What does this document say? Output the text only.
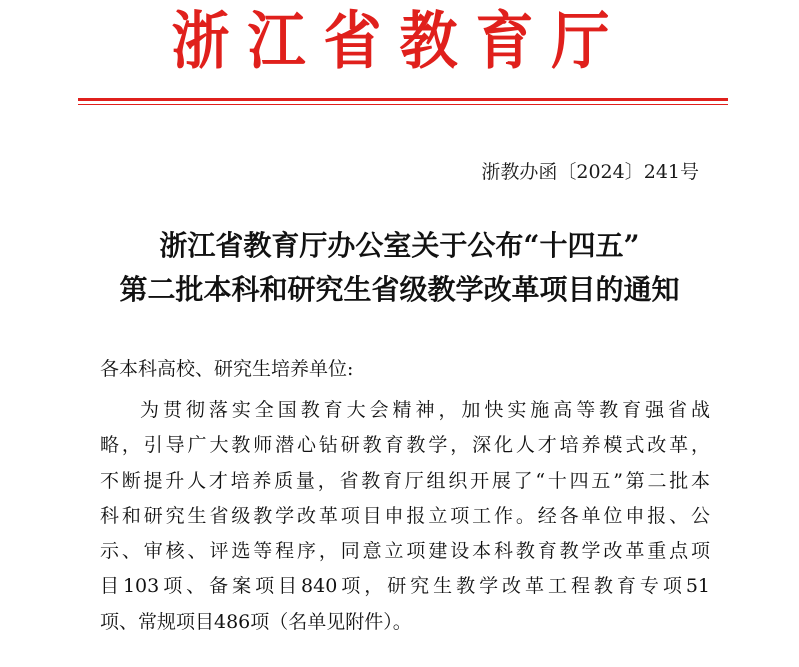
浙江省教育厅
浙教办函〔2024〕241号
浙江省教育厅办公室关于公布“十四五”
第二批本科和研究生省级教学改革项目的通知
各本科高校、研究生培养单位:
为贯彻落实全国教育大会精神，加快实施高等教育强省战
略，引导广大教师潜心钻研教育教学，深化人才培养模式改革，
不断提升人才培养质量，省教育厅组织开展了“十四五”第二批本
科和研究生省级教学改革项目申报立项工作。经各单位申报、公
示、审核、评选等程序，同意立项建设本科教育教学改革重点项
目103项、备案项目840项，研究生教学改革工程教育专项51
项、常规项目486项（名单见附件）。
